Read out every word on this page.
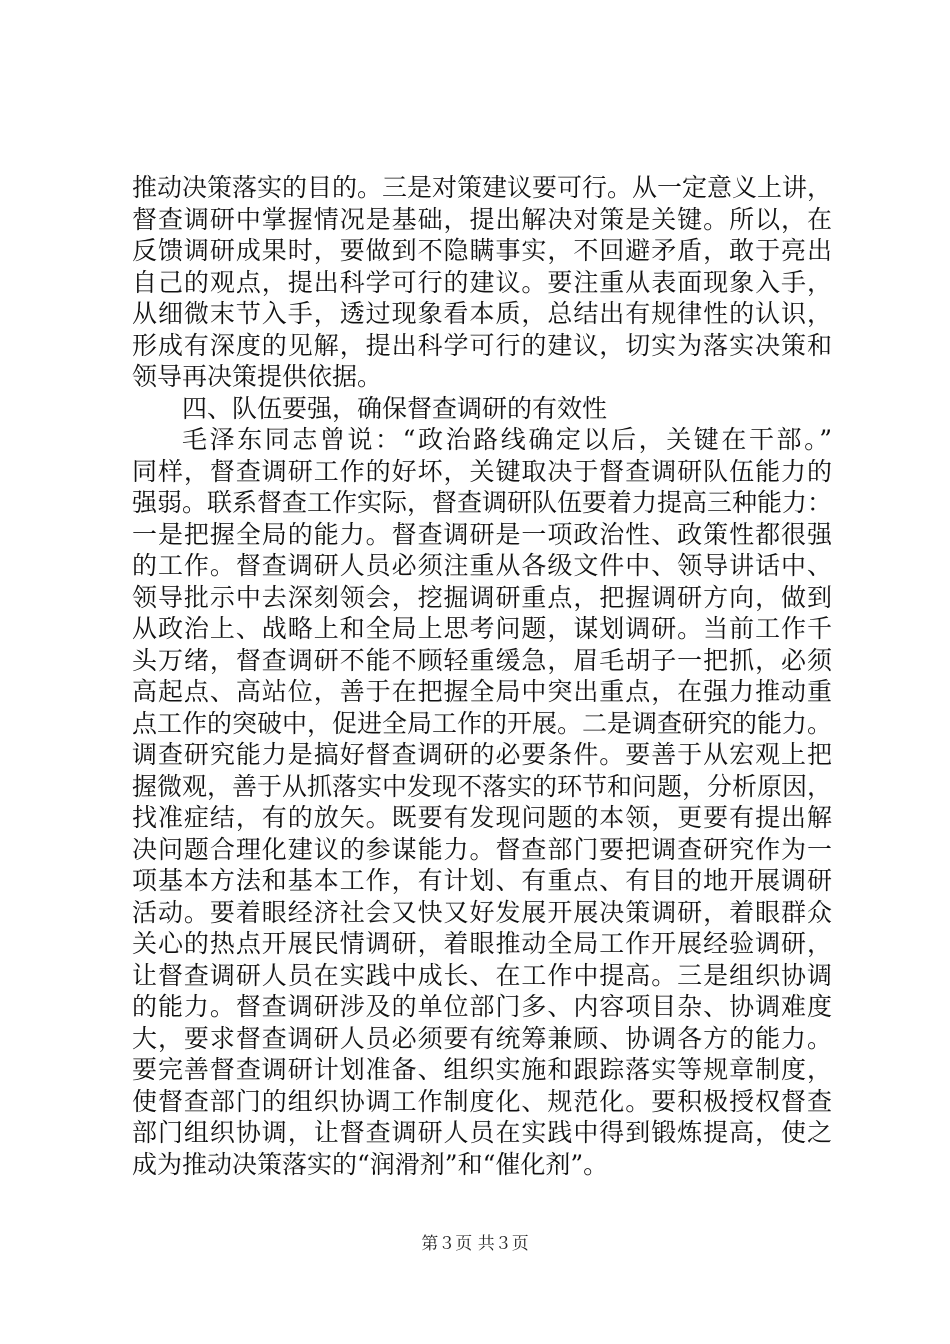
推动决策落实的目的。三是对策建议要可行。从一定意义上讲，
督查调研中掌握情况是基础，提出解决对策是关键。所以，在
反馈调研成果时，要做到不隐瞒事实，不回避矛盾，敢于亮出
自己的观点，提出科学可行的建议。要注重从表面现象入手，
从细微末节入手，透过现象看本质，总结出有规律性的认识，
形成有深度的见解，提出科学可行的建议，切实为落实决策和
领导再决策提供依据。
四、队伍要强，确保督查调研的有效性
毛泽东同志曾说：“政治路线确定以后，关键在干部。”
同样，督查调研工作的好坏，关键取决于督查调研队伍能力的
强弱。联系督查工作实际，督查调研队伍要着力提高三种能力：
一是把握全局的能力。督查调研是一项政治性、政策性都很强
的工作。督查调研人员必须注重从各级文件中、领导讲话中、
领导批示中去深刻领会，挖掘调研重点，把握调研方向，做到
从政治上、战略上和全局上思考问题，谋划调研。当前工作千
头万绪，督查调研不能不顾轻重缓急，眉毛胡子一把抓，必须
高起点、高站位，善于在把握全局中突出重点，在强力推动重
点工作的突破中，促进全局工作的开展。二是调查研究的能力。
调查研究能力是搞好督查调研的必要条件。要善于从宏观上把
握微观，善于从抓落实中发现不落实的环节和问题，分析原因，
找准症结，有的放矢。既要有发现问题的本领，更要有提出解
决问题合理化建议的参谋能力。督查部门要把调查研究作为一
项基本方法和基本工作，有计划、有重点、有目的地开展调研
活动。要着眼经济社会又快又好发展开展决策调研，着眼群众
关心的热点开展民情调研，着眼推动全局工作开展经验调研，
让督查调研人员在实践中成长、在工作中提高。三是组织协调
的能力。督查调研涉及的单位部门多、内容项目杂、协调难度
大，要求督查调研人员必须要有统筹兼顾、协调各方的能力。
要完善督查调研计划准备、组织实施和跟踪落实等规章制度，
使督查部门的组织协调工作制度化、规范化。要积极授权督查
部门组织协调，让督查调研人员在实践中得到锻炼提高，使之
成为推动决策落实的“润滑剂”和“催化剂”。
第３页 共３页
